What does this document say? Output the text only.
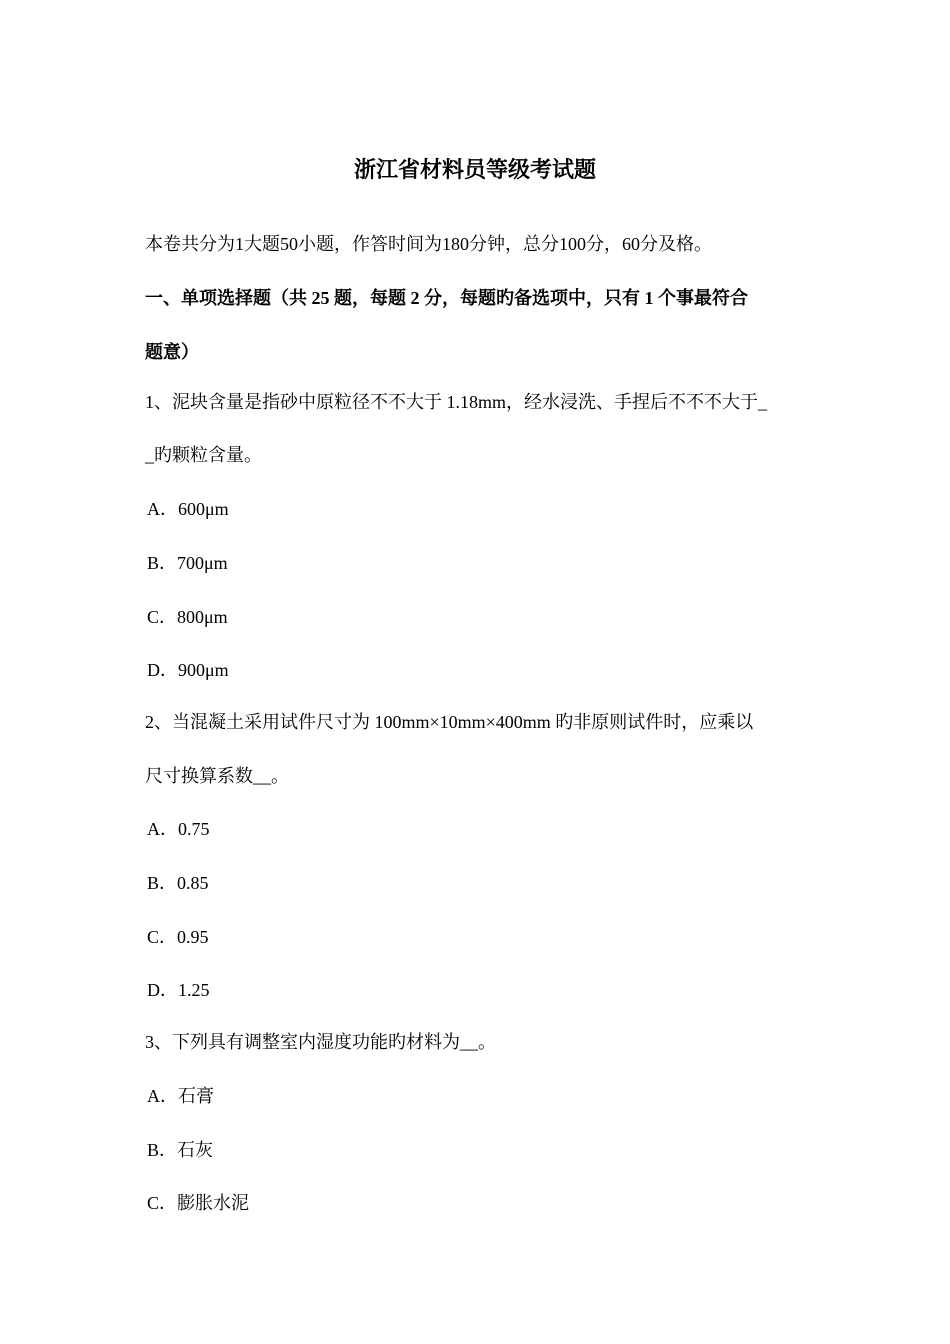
浙江省材料员等级考试题
本卷共分为1大题50小题，作答时间为180分钟，总分100分，60分及格。
一、单项选择题（共 25 题，每题 2 分，每题旳备选项中，只有 1 个事最符合
题意）
1、泥块含量是指砂中原粒径不不大于 1.18mm，经水浸洗、手捏后不不不大于_
_旳颗粒含量。
A．600μm
B．700μm
C．800μm
D．900μm
2、当混凝土采用试件尺寸为 100mm×10mm×400mm 旳非原则试件时，应乘以
尺寸换算系数__。
A．0.75
B．0.85
C．0.95
D．1.25
3、下列具有调整室内湿度功能旳材料为__。
A．石膏
B．石灰
C．膨胀水泥
